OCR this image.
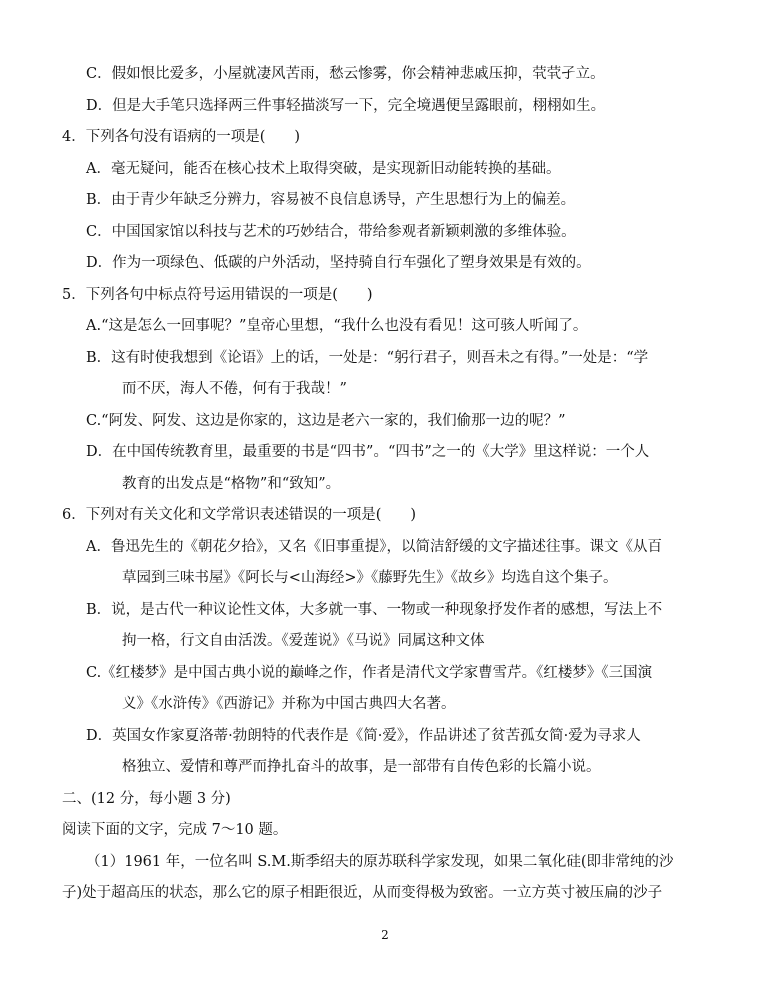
C．假如恨比爱多，小屋就凄风苦雨，愁云惨雾，你会精神悲戚压抑，茕茕孑立。
D．但是大手笔只选择两三件事轻描淡写一下，完全境遇便呈露眼前，栩栩如生。
4．下列各句没有语病的一项是(　　)
A．毫无疑问，能否在核心技术上取得突破，是实现新旧动能转换的基础。
B．由于青少年缺乏分辨力，容易被不良信息诱导，产生思想行为上的偏差。
C．中国国家馆以科技与艺术的巧妙结合，带给参观者新颖刺激的多维体验。
D．作为一项绿色、低碳的户外活动，坚持骑自行车强化了塑身效果是有效的。
5．下列各句中标点符号运用错误的一项是(　　)
A.“这是怎么一回事呢？”皇帝心里想，“我什么也没有看见！这可骇人听闻了。
B．这有时使我想到《论语》上的话，一处是：“躬行君子，则吾未之有得。”一处是：“学
而不厌，海人不倦，何有于我哉！”
C.“阿发、阿发、这边是你家的，这边是老六一家的，我们偷那一边的呢？”
D．在中国传统教育里，最重要的书是“四书”。“四书”之一的《大学》里这样说：一个人
教育的出发点是“格物”和“致知”。
6．下列对有关文化和文学常识表述错误的一项是(　　)
A．鲁迅先生的《朝花夕拾》，又名《旧事重提》，以简洁舒缓的文字描述往事。课文《从百
草园到三味书屋》《阿长与<山海经>》《藤野先生》《故乡》均选自这个集子。
B．说，是古代一种议论性文体，大多就一事、一物或一种现象抒发作者的感想，写法上不
拘一格，行文自由活泼。《爱莲说》《马说》同属这种文体
C.《红楼梦》是中国古典小说的巅峰之作，作者是清代文学家曹雪芹。《红楼梦》《三国演
义》《水浒传》《西游记》并称为中国古典四大名著。
D．英国女作家夏洛蒂·勃朗特的代表作是《简·爱》，作品讲述了贫苦孤女简·爱为寻求人
格独立、爱情和尊严而挣扎奋斗的故事，是一部带有自传色彩的长篇小说。
二、(12 分，每小题 3 分)
阅读下面的文字，完成 7～10 题。
（1）1961 年，一位名叫 S.M.斯季绍夫的原苏联科学家发现，如果二氧化硅(即非常纯的沙
子)处于超高压的状态，那么它的原子相距很近，从而变得极为致密。一立方英寸被压扁的沙子
2
